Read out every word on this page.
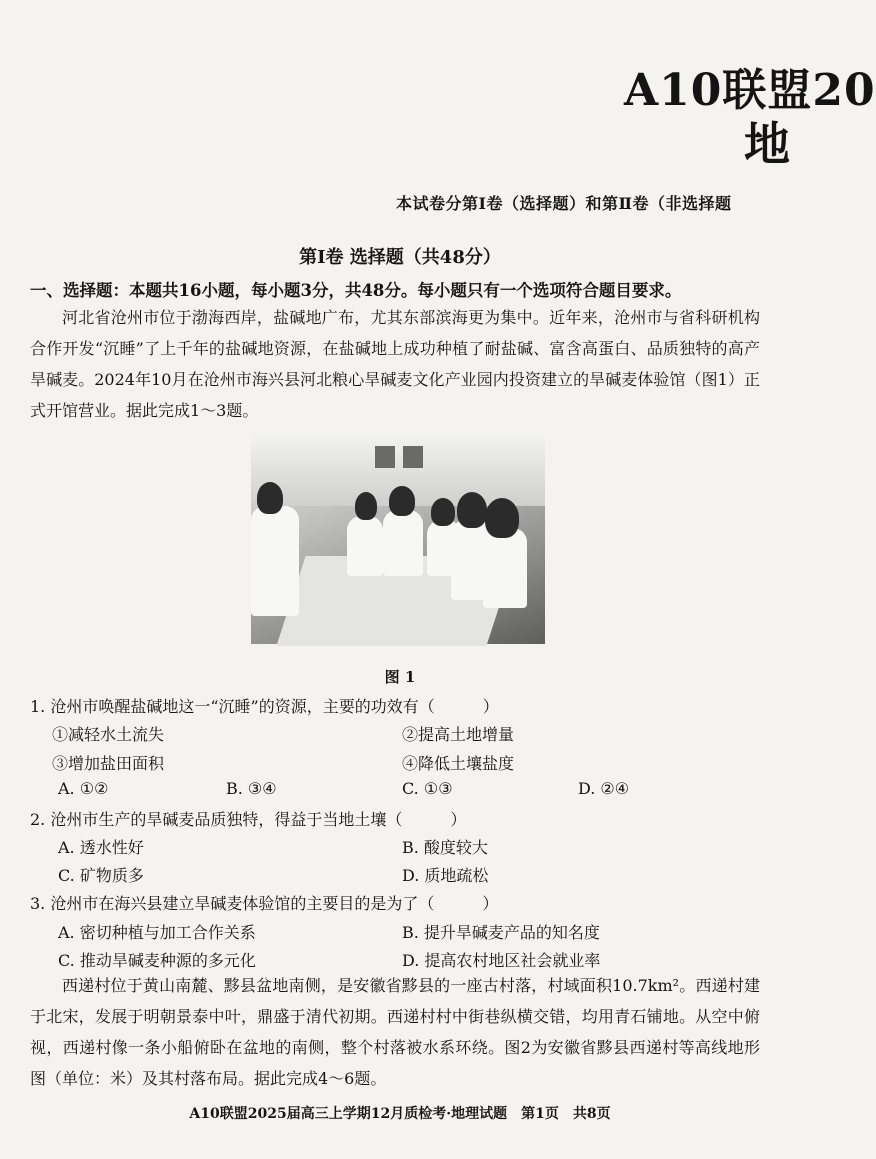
A10联盟20
地
本试卷分第Ⅰ卷（选择题）和第Ⅱ卷（非选择题
第Ⅰ卷 选择题（共48分）
一、选择题：本题共16小题，每小题3分，共48分。每小题只有一个选项符合题目要求。
河北省沧州市位于渤海西岸，盐碱地广布，尤其东部滨海更为集中。近年来，沧州市与省科研机构合作开发“沉睡”了上千年的盐碱地资源，在盐碱地上成功种植了耐盐碱、富含高蛋白、品质独特的高产旱碱麦。2024年10月在沧州市海兴县河北粮心旱碱麦文化产业园内投资建立的旱碱麦体验馆（图1）正式开馆营业。据此完成1～3题。
图 1
1. 沧州市唤醒盐碱地这一“沉睡”的资源，主要的功效有（　　　）
①减轻水土流失	②提高土地增量
③增加盐田面积	④降低土壤盐度
A. ①②	B. ③④	C. ①③	D. ②④
2. 沧州市生产的旱碱麦品质独特，得益于当地土壤（　　　）
A. 透水性好	B. 酸度较大
C. 矿物质多	D. 质地疏松
3. 沧州市在海兴县建立旱碱麦体验馆的主要目的是为了（　　　）
A. 密切种植与加工合作关系	B. 提升旱碱麦产品的知名度
C. 推动旱碱麦种源的多元化	D. 提高农村地区社会就业率
西递村位于黄山南麓、黟县盆地南侧，是安徽省黟县的一座古村落，村域面积10.7km²。西递村建于北宋，发展于明朝景泰中叶，鼎盛于清代初期。西递村村中街巷纵横交错，均用青石铺地。从空中俯视，西递村像一条小船俯卧在盆地的南侧，整个村落被水系环绕。图2为安徽省黟县西递村等高线地形图（单位：米）及其村落布局。据此完成4～6题。
A10联盟2025届高三上学期12月质检考·地理试题　第1页　共8页
